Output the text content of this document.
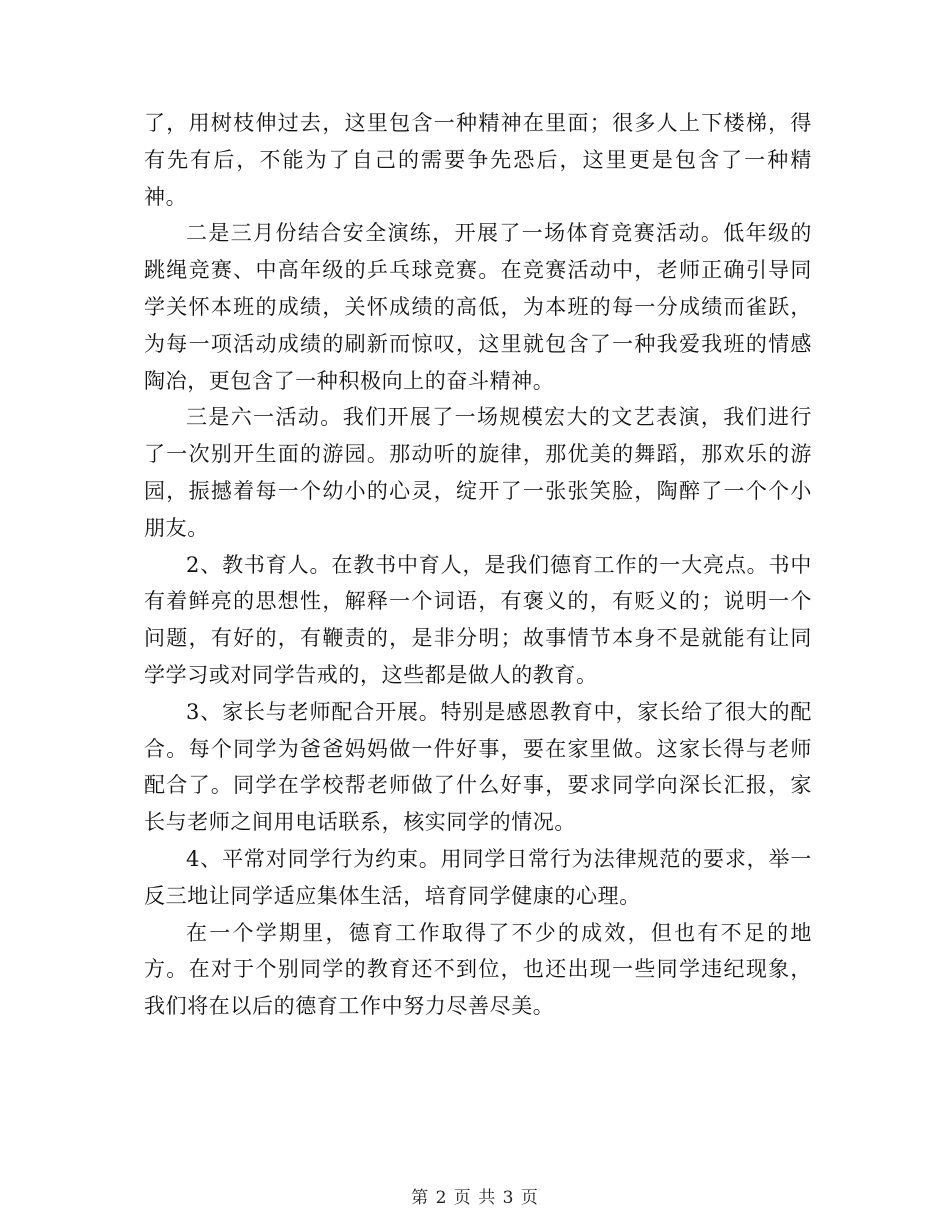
了，用树枝伸过去，这里包含一种精神在里面；很多人上下楼梯，得有先有后，不能为了自己的需要争先恐后，这里更是包含了一种精神。

二是三月份结合安全演练，开展了一场体育竞赛活动。低年级的跳绳竞赛、中高年级的乒乓球竞赛。在竞赛活动中，老师正确引导同学关怀本班的成绩，关怀成绩的高低，为本班的每一分成绩而雀跃，为每一项活动成绩的刷新而惊叹，这里就包含了一种我爱我班的情感陶冶，更包含了一种积极向上的奋斗精神。

三是六一活动。我们开展了一场规模宏大的文艺表演，我们进行了一次别开生面的游园。那动听的旋律，那优美的舞蹈，那欢乐的游园，振撼着每一个幼小的心灵，绽开了一张张笑脸，陶醉了一个个小朋友。

2、教书育人。在教书中育人，是我们德育工作的一大亮点。书中有着鲜亮的思想性，解释一个词语，有褒义的，有贬义的；说明一个问题，有好的，有鞭责的，是非分明；故事情节本身不是就能有让同学学习或对同学告戒的，这些都是做人的教育。

3、家长与老师配合开展。特别是感恩教育中，家长给了很大的配合。每个同学为爸爸妈妈做一件好事，要在家里做。这家长得与老师配合了。同学在学校帮老师做了什么好事，要求同学向深长汇报，家长与老师之间用电话联系，核实同学的情况。

4、平常对同学行为约束。用同学日常行为法律规范的要求，举一反三地让同学适应集体生活，培育同学健康的心理。

在一个学期里，德育工作取得了不少的成效，但也有不足的地方。在对于个别同学的教育还不到位，也还出现一些同学违纪现象，我们将在以后的德育工作中努力尽善尽美。

第 2 页 共 3 页
